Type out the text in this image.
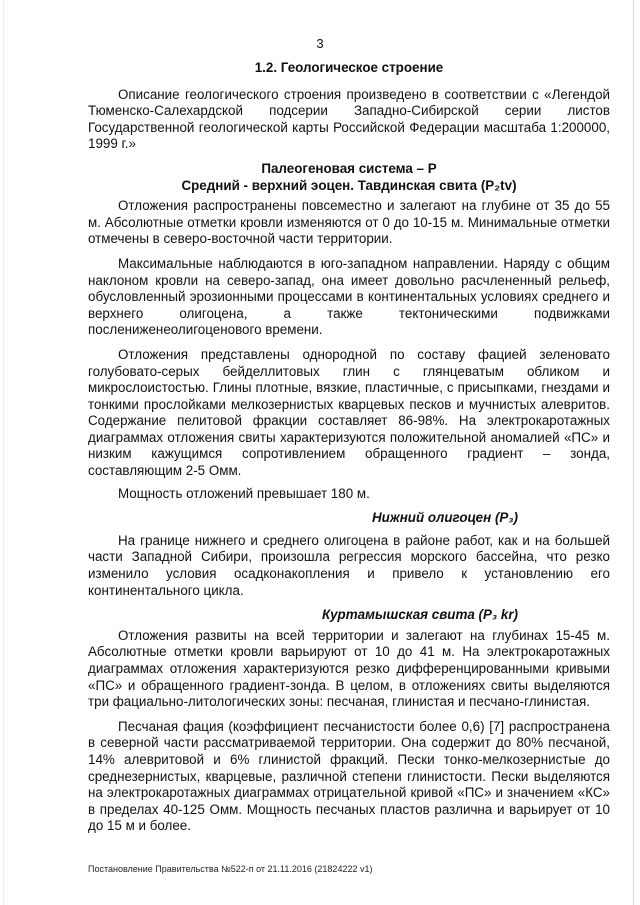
3
1.2. Геологическое строение

Описание геологического строения произведено в соответствии с «Легендой Тюменско-Салехардской подсерии Западно-Сибирской серии листов Государственной геологической карты Российской Федерации масштаба 1:200000, 1999 г.»

Палеогеновая система – Р
Средний - верхний эоцен. Тавдинская свита (P₂tv)

Отложения распространены повсеместно и залегают на глубине от 35 до 55 м. Абсолютные отметки кровли изменяются от 0 до 10-15 м. Минимальные отметки отмечены в северо-восточной части территории.

Максимальные наблюдаются в юго-западном направлении. Наряду с общим наклоном кровли на северо-запад, она имеет довольно расчлененный рельеф, обусловленный эрозионными процессами в континентальных условиях среднего и верхнего олигоцена, а также тектоническими подвижками послениженеолигоценового времени.

Отложения представлены однородной по составу фацией зеленовато голубовато-серых бейделлитовых глин с глянцеватым обликом и микрослоистостью. Глины плотные, вязкие, пластичные, с присыпками, гнездами и тонкими прослойками мелкозернистых кварцевых песков и мучнистых алевритов. Содержание пелитовой фракции составляет 86-98%. На электрокаротажных диаграммах отложения свиты характеризуются положительной аномалией «ПС» и низким кажущимся сопротивлением обращенного градиент – зонда, составляющим 2-5 Омм.

Мощность отложений превышает 180 м.

Нижний олигоцен (P₃)

На границе нижнего и среднего олигоцена в районе работ, как и на большей части Западной Сибири, произошла регрессия морского бассейна, что резко изменило условия осадконакопления и привело к установлению его континентального цикла.

Куртамышская свита (P₃ kr)

Отложения развиты на всей территории и залегают на глубинах 15-45 м. Абсолютные отметки кровли варьируют от 10 до 41 м. На электрокаротажных диаграммах отложения характеризуются резко дифференцированными кривыми «ПС» и обращенного градиент-зонда. В целом, в отложениях свиты выделяются три фациально-литологических зоны: песчаная, глинистая и песчано-глинистая.

Песчаная фация (коэффициент песчанистости более 0,6) [7] распространена в северной части рассматриваемой территории. Она содержит до 80% песчаной, 14% алевритовой и 6% глинистой фракций. Пески тонко-мелкозернистые до среднезернистых, кварцевые, различной степени глинистости. Пески выделяются на электрокаротажных диаграммах отрицательной кривой «ПС» и значением «КС» в пределах 40-125 Омм. Мощность песчаных пластов различна и варьирует от 10 до 15 м и более.

Постановление Правительства №522-п от 21.11.2016 (21824222 v1)
